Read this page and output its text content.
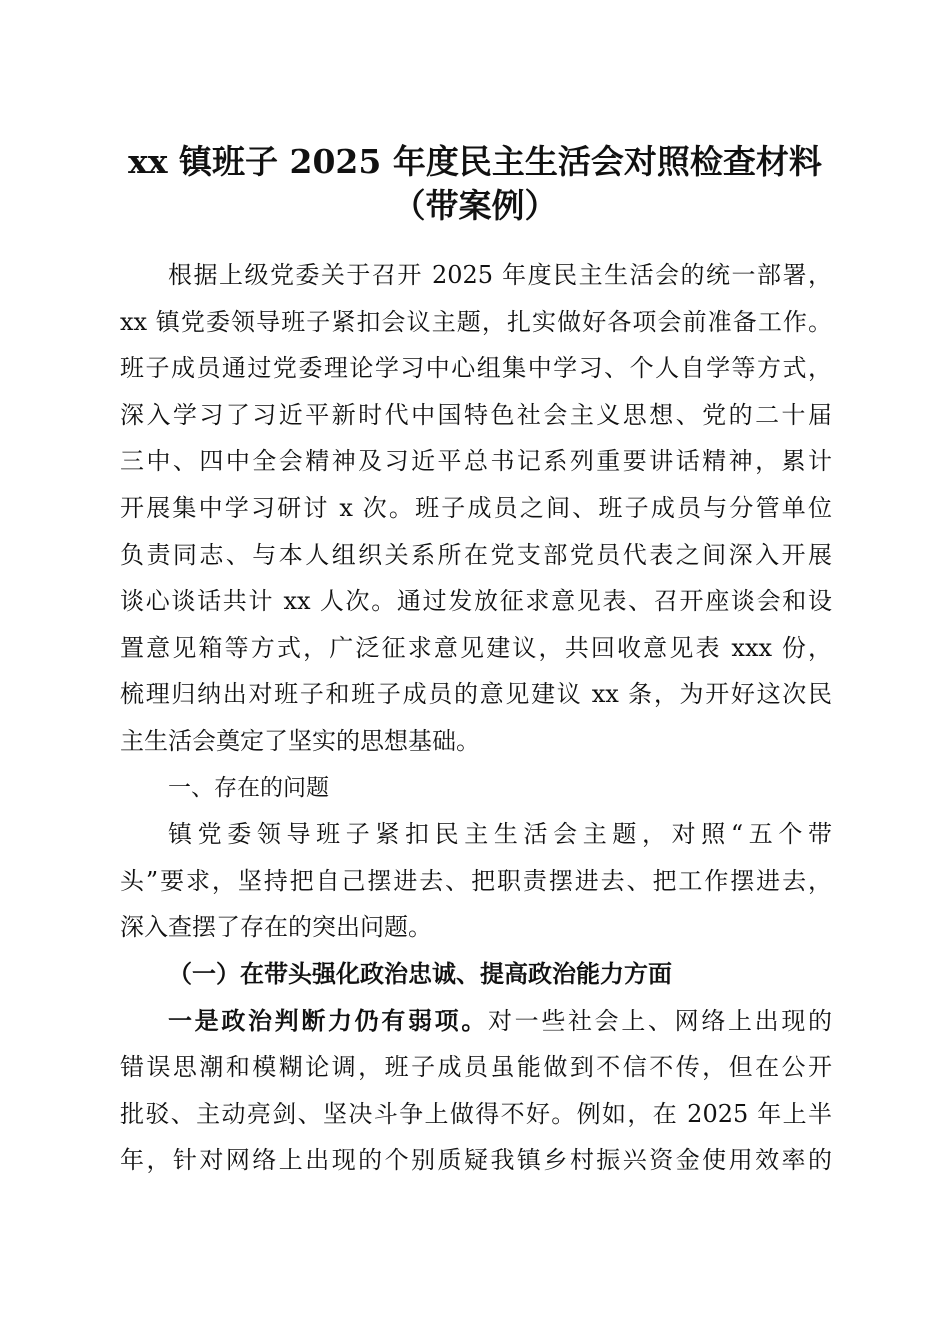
xx 镇班子 2025 年度民主生活会对照检查材料
（带案例）
根据上级党委关于召开 2025 年度民主生活会的统一部署，
xx 镇党委领导班子紧扣会议主题，扎实做好各项会前准备工作。
班子成员通过党委理论学习中心组集中学习、个人自学等方式，
深入学习了习近平新时代中国特色社会主义思想、党的二十届
三中、四中全会精神及习近平总书记系列重要讲话精神，累计
开展集中学习研讨 x 次。班子成员之间、班子成员与分管单位
负责同志、与本人组织关系所在党支部党员代表之间深入开展
谈心谈话共计 xx 人次。通过发放征求意见表、召开座谈会和设
置意见箱等方式，广泛征求意见建议，共回收意见表 xxx 份，
梳理归纳出对班子和班子成员的意见建议 xx 条，为开好这次民
主生活会奠定了坚实的思想基础。
一、存在的问题
镇党委领导班子紧扣民主生活会主题，对照“五个带
头”要求，坚持把自己摆进去、把职责摆进去、把工作摆进去，
深入查摆了存在的突出问题。
（一）在带头强化政治忠诚、提高政治能力方面
一是政治判断力仍有弱项。对一些社会上、网络上出现的
错误思潮和模糊论调，班子成员虽能做到不信不传，但在公开
批驳、主动亮剑、坚决斗争上做得不好。例如，在 2025 年上半
年，针对网络上出现的个别质疑我镇乡村振兴资金使用效率的
